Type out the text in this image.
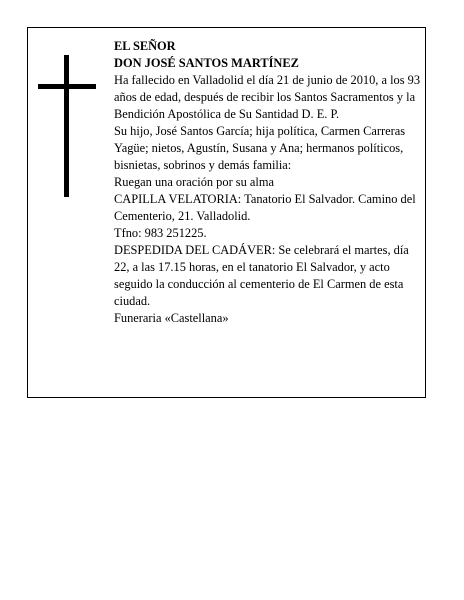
EL SEÑOR

DON JOSÉ SANTOS MARTÍNEZ

Ha fallecido en Valladolid el día 21 de junio de 2010, a los 93 años de edad, después de recibir los Santos Sacramentos y la Bendición Apostólica de Su Santidad D. E. P.

Su hijo, José Santos García; hija política, Carmen Carreras Yagüe; nietos, Agustín, Susana y Ana; hermanos políticos, bisnietas, sobrinos y demás familia:

Ruegan una oración por su alma

CAPILLA VELATORIA: Tanatorio El Salvador. Camino del Cementerio, 21. Valladolid.

Tfno: 983 251225.

DESPEDIDA DEL CADÁVER: Se celebrará el martes, día 22, a las 17.15 horas, en el tanatorio El Salvador, y acto seguido la conducción al cementerio de El Carmen de esta ciudad.

Funeraria «Castellana»
